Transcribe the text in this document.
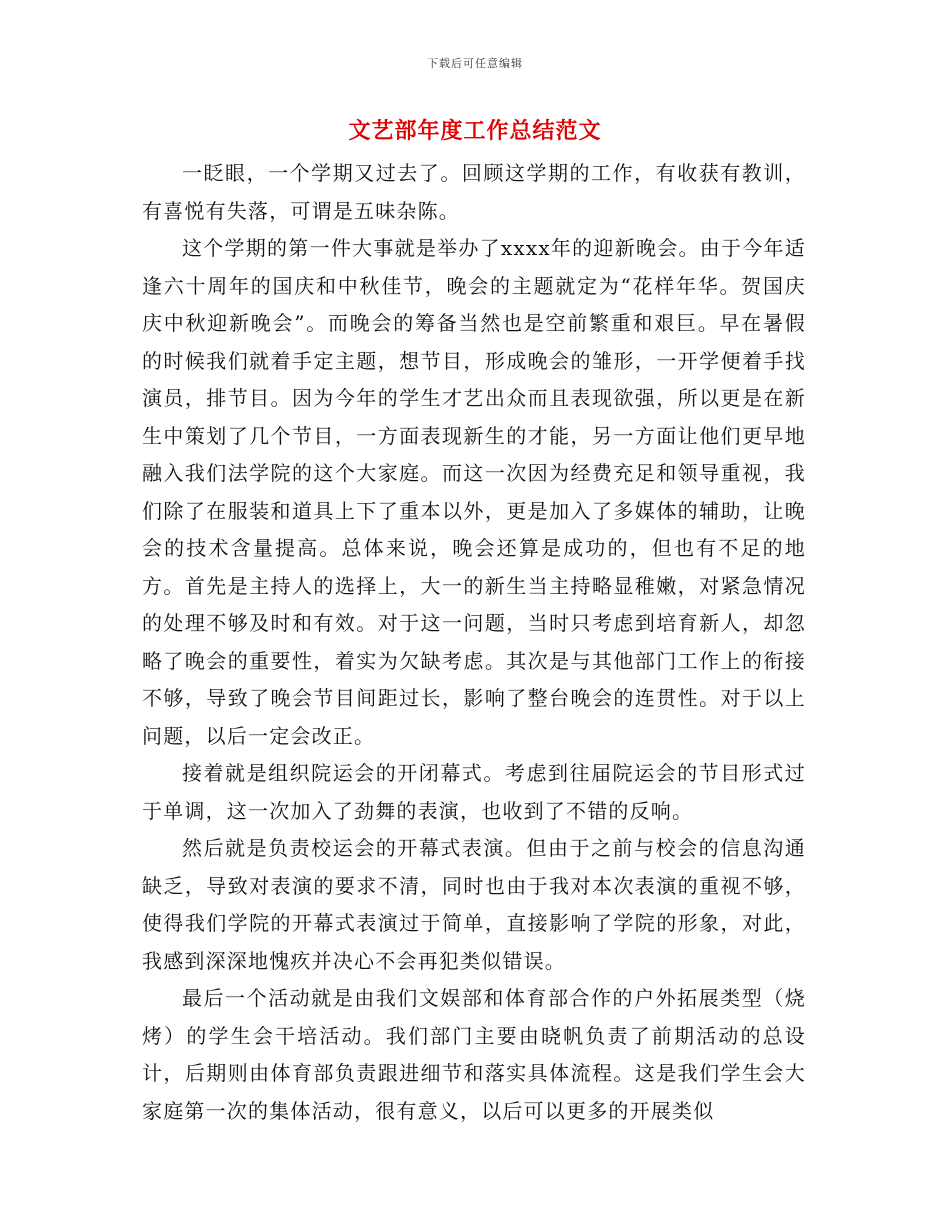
下载后可任意编辑
文艺部年度工作总结范文

一眨眼，一个学期又过去了。回顾这学期的工作，有收获有教训，有喜悦有失落，可谓是五味杂陈。

这个学期的第一件大事就是举办了xxxx年的迎新晚会。由于今年适逢六十周年的国庆和中秋佳节，晚会的主题就定为“花样年华。贺国庆庆中秋迎新晚会”。而晚会的筹备当然也是空前繁重和艰巨。早在暑假的时候我们就着手定主题，想节目，形成晚会的雏形，一开学便着手找演员，排节目。因为今年的学生才艺出众而且表现欲强，所以更是在新生中策划了几个节目，一方面表现新生的才能，另一方面让他们更早地融入我们法学院的这个大家庭。而这一次因为经费充足和领导重视，我们除了在服装和道具上下了重本以外，更是加入了多媒体的辅助，让晚会的技术含量提高。总体来说，晚会还算是成功的，但也有不足的地方。首先是主持人的选择上，大一的新生当主持略显稚嫩，对紧急情况的处理不够及时和有效。对于这一问题，当时只考虑到培育新人，却忽略了晚会的重要性，着实为欠缺考虑。其次是与其他部门工作上的衔接不够，导致了晚会节目间距过长，影响了整台晚会的连贯性。对于以上问题，以后一定会改正。

接着就是组织院运会的开闭幕式。考虑到往届院运会的节目形式过于单调，这一次加入了劲舞的表演，也收到了不错的反响。

然后就是负责校运会的开幕式表演。但由于之前与校会的信息沟通缺乏，导致对表演的要求不清，同时也由于我对本次表演的重视不够，使得我们学院的开幕式表演过于简单，直接影响了学院的形象，对此，我感到深深地愧疚并决心不会再犯类似错误。

最后一个活动就是由我们文娱部和体育部合作的户外拓展类型（烧烤）的学生会干培活动。我们部门主要由晓帆负责了前期活动的总设计，后期则由体育部负责跟进细节和落实具体流程。这是我们学生会大家庭第一次的集体活动，很有意义，以后可以更多的开展类似
